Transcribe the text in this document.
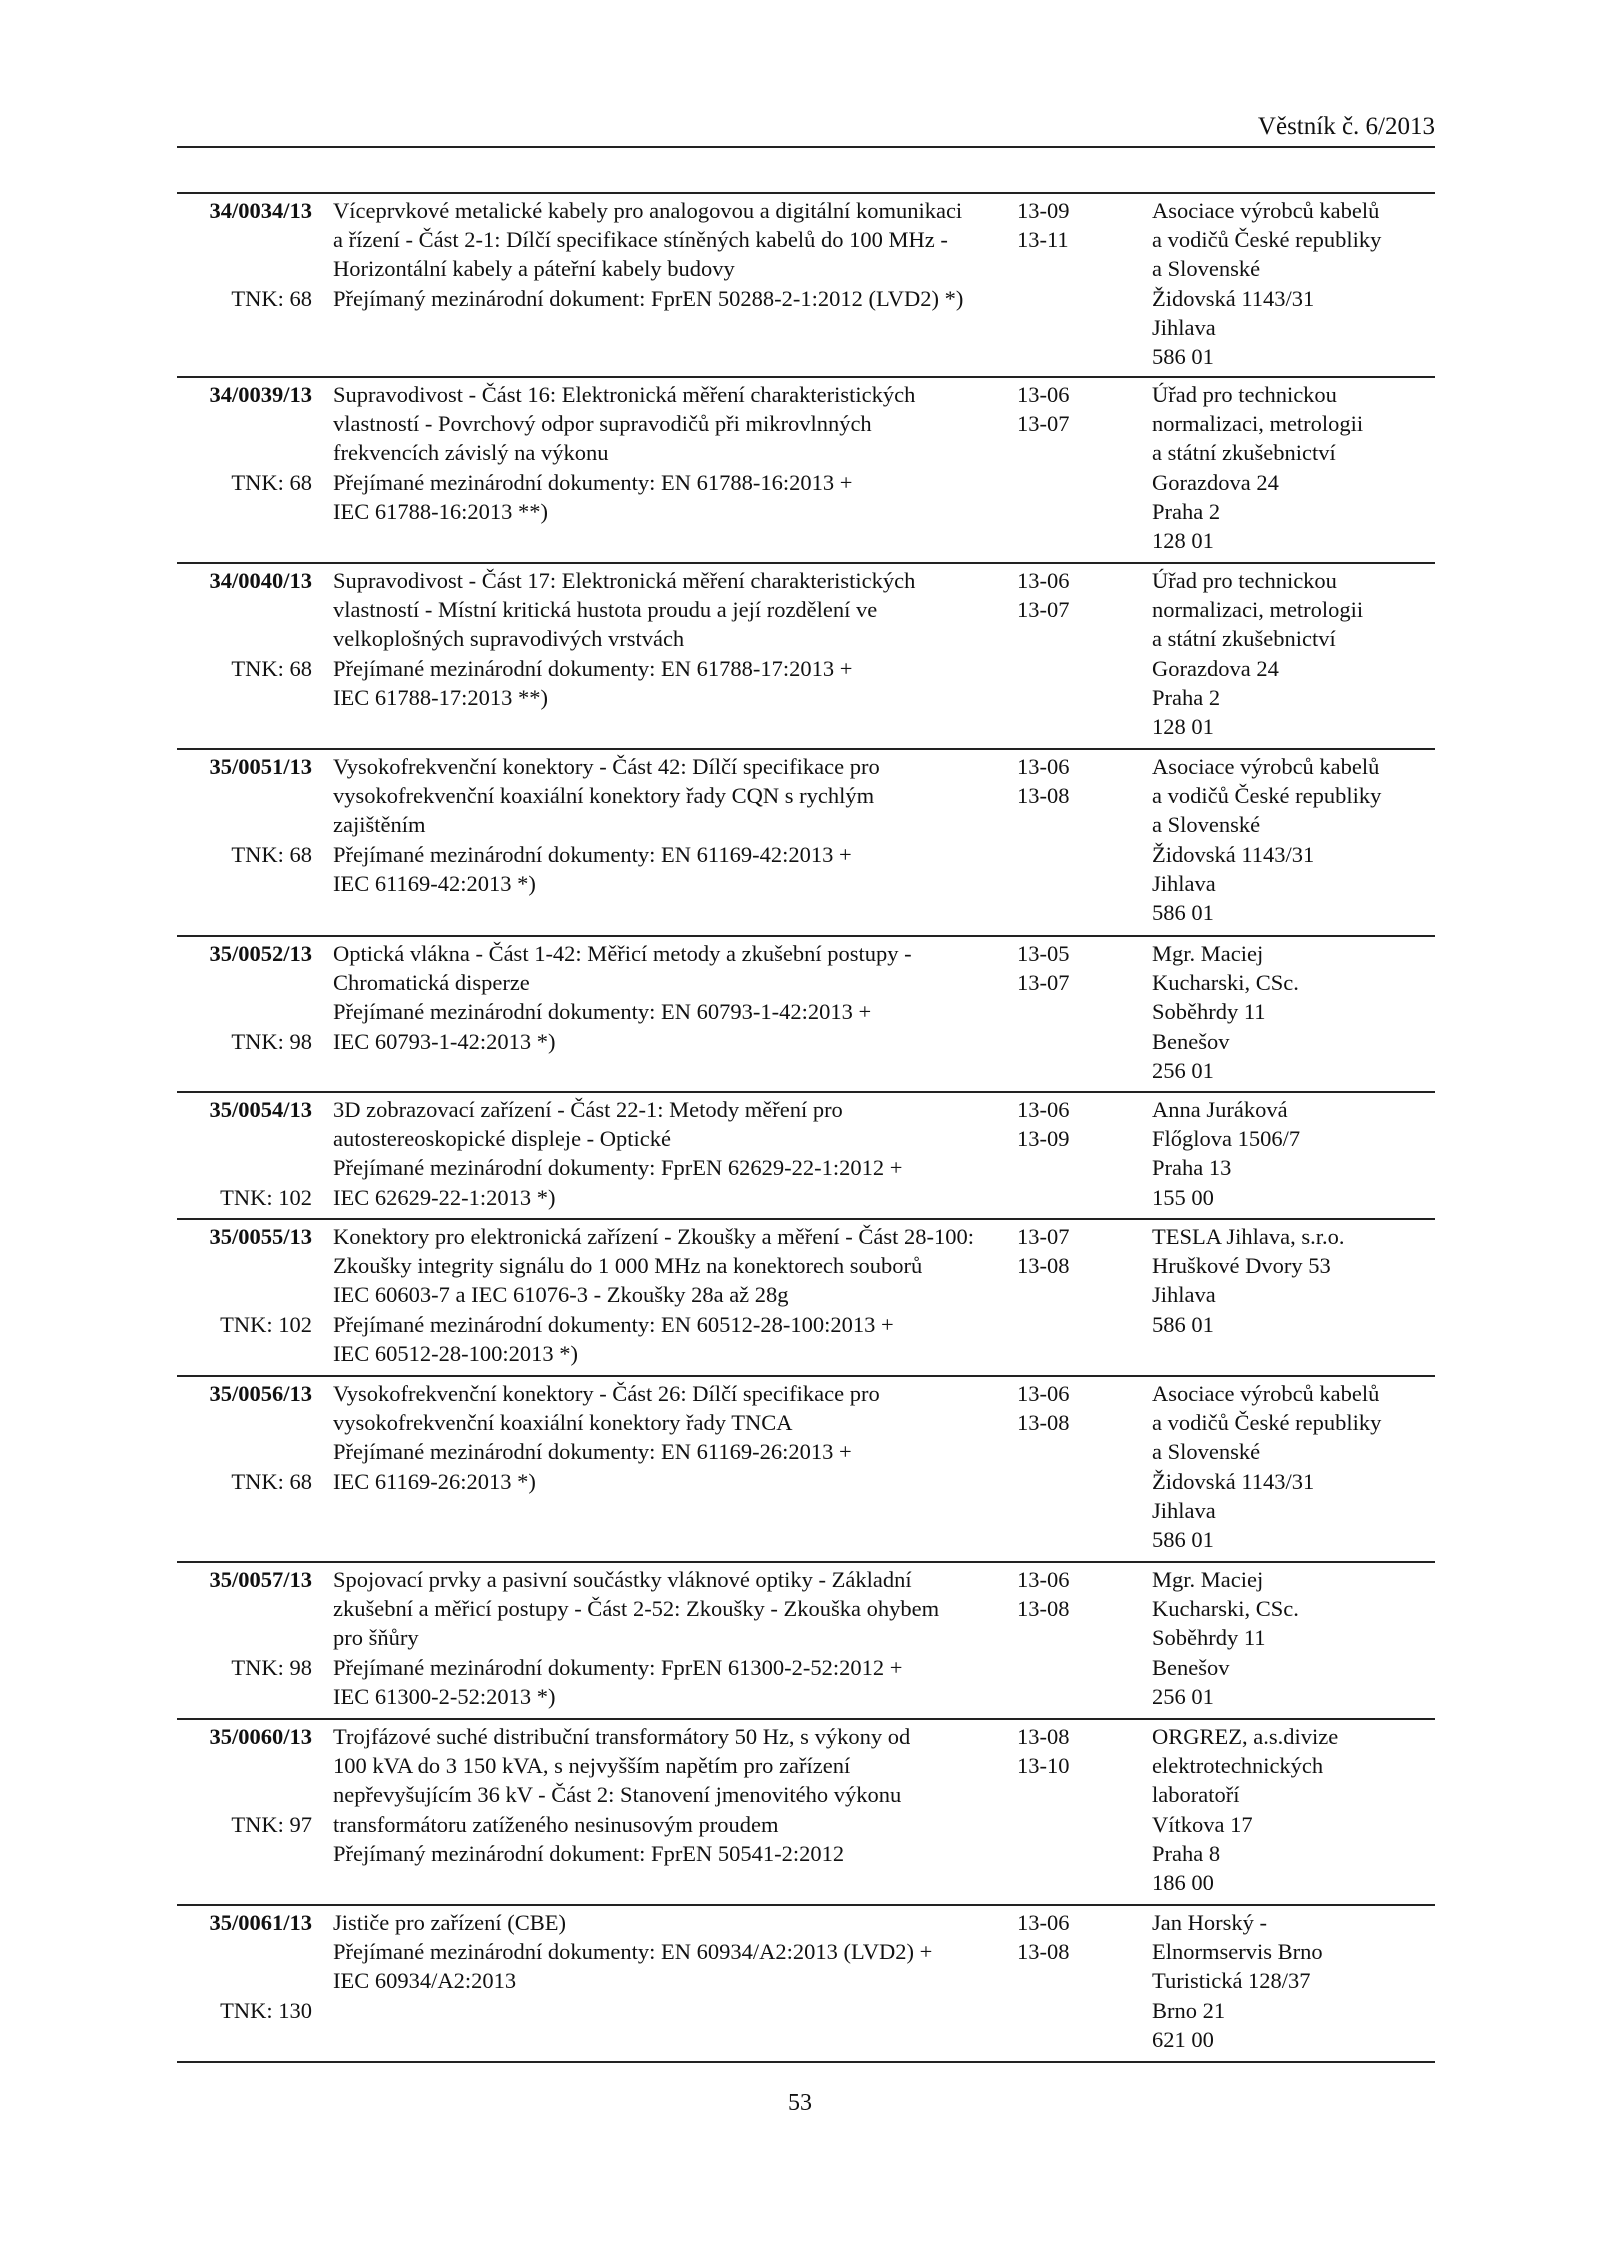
Věstník č. 6/2013
34/0034/13
TNK: 68
Víceprvkové metalické kabely pro analogovou a digitální komunikaci
a řízení - Část 2-1: Dílčí specifikace stíněných kabelů do 100 MHz -
Horizontální kabely a páteřní kabely budovy
Přejímaný mezinárodní dokument: FprEN 50288-2-1:2012 (LVD2) *)
13-09
13-11
Asociace výrobců kabelů
a vodičů České republiky
a Slovenské
Židovská 1143/31
Jihlava
586 01
34/0039/13
TNK: 68
Supravodivost - Část 16: Elektronická měření charakteristických
vlastností - Povrchový odpor supravodičů při mikrovlnných
frekvencích závislý na výkonu
Přejímané mezinárodní dokumenty: EN 61788-16:2013 +
IEC 61788-16:2013 **)
13-06
13-07
Úřad pro technickou
normalizaci, metrologii
a státní zkušebnictví
Gorazdova 24
Praha 2
128 01
34/0040/13
TNK: 68
Supravodivost - Část 17: Elektronická měření charakteristických
vlastností - Místní kritická hustota proudu a její rozdělení ve
velkoplošných supravodivých vrstvách
Přejímané mezinárodní dokumenty: EN 61788-17:2013 +
IEC 61788-17:2013 **)
13-06
13-07
Úřad pro technickou
normalizaci, metrologii
a státní zkušebnictví
Gorazdova 24
Praha 2
128 01
35/0051/13
TNK: 68
Vysokofrekvenční konektory - Část 42: Dílčí specifikace pro
vysokofrekvenční koaxiální konektory řady CQN s rychlým
zajištěním
Přejímané mezinárodní dokumenty: EN 61169-42:2013 +
IEC 61169-42:2013 *)
13-06
13-08
Asociace výrobců kabelů
a vodičů České republiky
a Slovenské
Židovská 1143/31
Jihlava
586 01
35/0052/13
TNK: 98
Optická vlákna - Část 1-42: Měřicí metody a zkušební postupy -
Chromatická disperze
Přejímané mezinárodní dokumenty: EN 60793-1-42:2013 +
IEC 60793-1-42:2013 *)
13-05
13-07
Mgr. Maciej
Kucharski, CSc.
Soběhrdy 11
Benešov
256 01
35/0054/13
TNK: 102
3D zobrazovací zařízení - Část 22-1: Metody měření pro
autostereoskopické displeje - Optické
Přejímané mezinárodní dokumenty: FprEN 62629-22-1:2012 +
IEC 62629-22-1:2013 *)
13-06
13-09
Anna Juráková
Flőglova 1506/7
Praha 13
155 00
35/0055/13
TNK: 102
Konektory pro elektronická zařízení - Zkoušky a měření - Část 28-100:
Zkoušky integrity signálu do 1 000 MHz na konektorech souborů
IEC 60603-7 a IEC 61076-3 - Zkoušky 28a až 28g
Přejímané mezinárodní dokumenty: EN 60512-28-100:2013 +
IEC 60512-28-100:2013 *)
13-07
13-08
TESLA Jihlava, s.r.o.
Hruškové Dvory 53
Jihlava
586 01
35/0056/13
TNK: 68
Vysokofrekvenční konektory - Část 26: Dílčí specifikace pro
vysokofrekvenční koaxiální konektory řady TNCA
Přejímané mezinárodní dokumenty: EN 61169-26:2013 +
IEC 61169-26:2013 *)
13-06
13-08
Asociace výrobců kabelů
a vodičů České republiky
a Slovenské
Židovská 1143/31
Jihlava
586 01
35/0057/13
TNK: 98
Spojovací prvky a pasivní součástky vláknové optiky - Základní
zkušební a měřicí postupy - Část 2-52: Zkoušky - Zkouška ohybem
pro šňůry
Přejímané mezinárodní dokumenty: FprEN 61300-2-52:2012 +
IEC 61300-2-52:2013 *)
13-06
13-08
Mgr. Maciej
Kucharski, CSc.
Soběhrdy 11
Benešov
256 01
35/0060/13
TNK: 97
Trojfázové suché distribuční transformátory 50 Hz, s výkony od
100 kVA do 3 150 kVA, s nejvyšším napětím pro zařízení
nepřevyšujícím 36 kV - Část 2: Stanovení jmenovitého výkonu
transformátoru zatíženého nesinusovým proudem
Přejímaný mezinárodní dokument: FprEN 50541-2:2012
13-08
13-10
ORGREZ, a.s.divize
elektrotechnických
laboratoří
Vítkova 17
Praha 8
186 00
35/0061/13
TNK: 130
Jističe pro zařízení (CBE)
Přejímané mezinárodní dokumenty: EN 60934/A2:2013 (LVD2) +
IEC 60934/A2:2013
13-06
13-08
Jan Horský -
Elnormservis Brno
Turistická 128/37
Brno 21
621 00
53
